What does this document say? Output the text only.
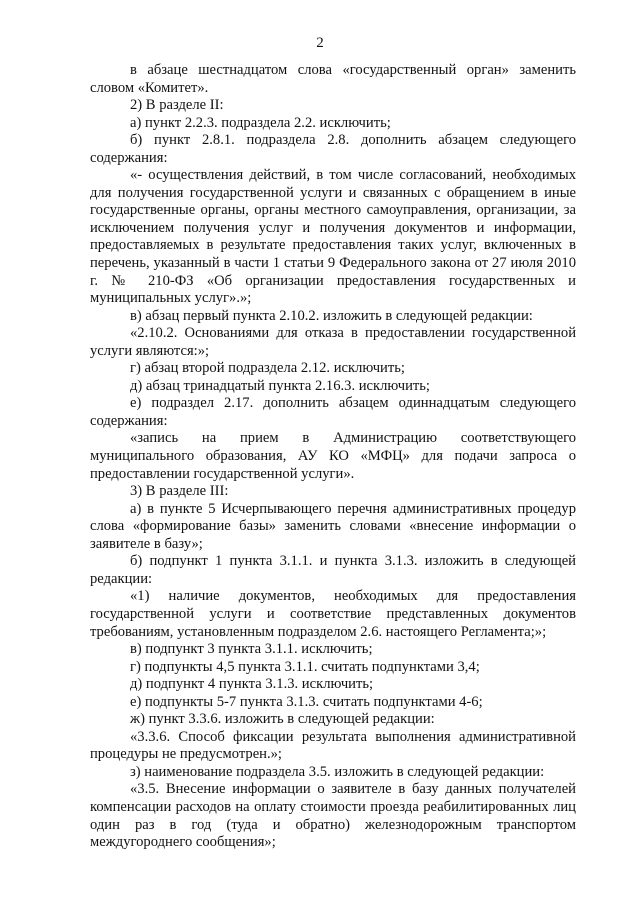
2

в абзаце шестнадцатом слова «государственный орган» заменить словом «Комитет».

2) В разделе II:

а) пункт 2.2.3. подраздела 2.2. исключить;

б) пункт 2.8.1. подраздела 2.8. дополнить абзацем следующего содержания:

«- осуществления действий, в том числе согласований, необходимых для получения государственной услуги и связанных с обращением в иные государственные органы, органы местного самоуправления, организации, за исключением получения услуг и получения документов и информации, предоставляемых в результате предоставления таких услуг, включенных в перечень, указанный в части 1 статьи 9 Федерального закона от 27 июля 2010 г. № 210-ФЗ «Об организации предоставления государственных и муниципальных услуг».»;

в) абзац первый пункта 2.10.2. изложить в следующей редакции:

«2.10.2. Основаниями для отказа в предоставлении государственной услуги являются:»;

г) абзац второй подраздела 2.12. исключить;

д) абзац тринадцатый пункта 2.16.3. исключить;

е) подраздел 2.17. дополнить абзацем одиннадцатым следующего содержания:

«запись на прием в Администрацию соответствующего муниципального образования, АУ КО «МФЦ» для подачи запроса о предоставлении государственной услуги».

3) В разделе III:

а) в пункте 5 Исчерпывающего перечня административных процедур слова «формирование базы» заменить словами «внесение информации о заявителе в базу»;

б) подпункт 1 пункта 3.1.1. и пункта 3.1.3. изложить в следующей редакции:

«1) наличие документов, необходимых для предоставления государственной услуги и соответствие представленных документов требованиям, установленным подразделом 2.6. настоящего Регламента;»;

в) подпункт 3 пункта 3.1.1. исключить;

г) подпункты 4,5 пункта 3.1.1. считать подпунктами 3,4;

д) подпункт 4 пункта 3.1.3. исключить;

е) подпункты 5-7 пункта 3.1.3. считать подпунктами 4-6;

ж) пункт 3.3.6. изложить в следующей редакции:

«3.3.6. Способ фиксации результата выполнения административной процедуры не предусмотрен.»;

з) наименование подраздела 3.5. изложить в следующей редакции:

«3.5. Внесение информации о заявителе в базу данных получателей компенсации расходов на оплату стоимости проезда реабилитированных лиц один раз в год (туда и обратно) железнодорожным транспортом междугороднего сообщения»;
